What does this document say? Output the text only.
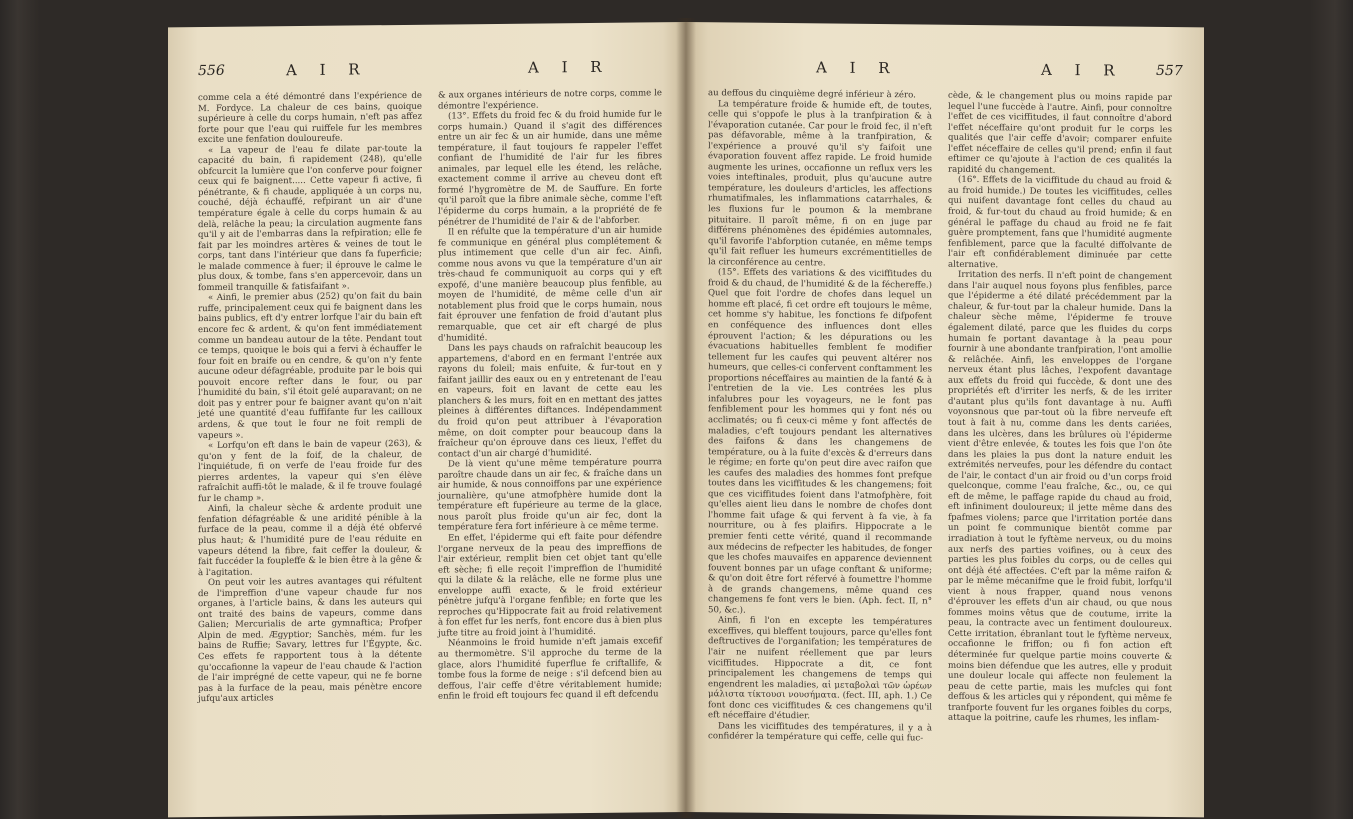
556	A I R	A I R

comme cela a été démontré dans l'expérience de M. Fordyce. La chaleur de ces bains, quoique supérieure à celle du corps humain, n'eft pas affez forte pour que l'eau qui ruiffele fur les membres excite une fenfation douloureufe.

« La vapeur de l'eau fe dilate par-toute la capacité du bain, fi rapidement (248), qu'elle obfcurcit la lumière que l'on conferve pour foigner ceux qui fe baignent..... Cette vapeur fi active, fi pénétrante, & fi chaude, appliquée à un corps nu, couché, déjà échauffé, refpirant un air d'une température égale à celle du corps humain & au delà, relâche la peau; la circulation augmente fans qu'il y ait de l'embarras dans la refpiration; elle fe fait par les moindres artères & veines de tout le corps, tant dans l'intérieur que dans fa fuperficie; le malade commence à fuer; il éprouve le calme le plus doux, & tombe, fans s'en appercevoir, dans un fommeil tranquille & fatisfaifant ».

« Ainfi, le premier abus (252) qu'on fait du bain ruffe, principalement ceux qui fe baignent dans les bains publics, eft d'y entrer lorfque l'air du bain eft encore fec & ardent, & qu'on fent immédiatement comme un bandeau autour de la tête. Pendant tout ce temps, quoique le bois qui a fervi à échauffer le four foit en braife ou en cendre, & qu'on n'y fente aucune odeur défagréable, produite par le bois qui pouvoit encore refter dans le four, ou par l'humidité du bain, s'il étoit gelé auparavant; on ne doit pas y entrer pour fe baigner avant qu'on n'ait jeté une quantité d'eau fuffifante fur les cailloux ardens, & que tout le four ne foit rempli de vapeurs ».

« Lorfqu'on eft dans le bain de vapeur (263), & qu'on y fent de la foif, de la chaleur, de l'inquiétude, fi on verfe de l'eau froide fur des pierres ardentes, la vapeur qui s'en élève rafraîchit auffi-tôt le malade, & il fe trouve foulagé fur le champ ».

Ainfi, la chaleur sèche & ardente produit une fenfation défagréable & une aridité pénible à la furface de la peau, comme il a déjà été obfervé plus haut; & l'humidité pure de l'eau réduite en vapeurs détend la fibre, fait ceffer la douleur, & fait fuccéder la foupleffe & le bien être à la gêne & à l'agitation.

On peut voir les autres avantages qui réfultent de l'impreffion d'une vapeur chaude fur nos organes, à l'article bains, & dans les auteurs qui ont traité des bains de vapeurs, comme dans Galien; Mercurialis de arte gymnaftica; Profper Alpin de med. Ægyptior; Sanchès, mém. fur les bains de Ruffie; Savary, lettres fur l'Égypte, &c. Ces effets fe rapportent tous à la détente qu'occafionne la vapeur de l'eau chaude & l'action de l'air imprégné de cette vapeur, qui ne fe borne pas à la furface de la peau, mais pénètre encore jufqu'aux articles

& aux organes intérieurs de notre corps, comme le démontre l'expérience.

(13°. Effets du froid fec & du froid humide fur le corps humain.) Quand il s'agit des différences entre un air fec & un air humide, dans une même température, il faut toujours fe rappeler l'effet confiant de l'humidité de l'air fur les fibres animales, par lequel elle les étend, les relâche, exactement comme il arrive au cheveu dont eft formé l'hygromètre de M. de Sauffure. En forte qu'il paroît que la fibre animale sèche, comme l'eft l'épiderme du corps humain, a la propriété de fe pénétrer de l'humidité de l'air & de l'abforber.

Il en réfulte que la température d'un air humide fe communique en général plus complétement & plus intimement que celle d'un air fec. Ainfi, comme nous avons vu que la température d'un air très-chaud fe communiquoit au corps qui y eft expofé, d'une manière beaucoup plus fenfible, au moyen de l'humidité, de même celle d'un air notablement plus froid que le corps humain, nous fait éprouver une fenfation de froid d'autant plus remarquable, que cet air eft chargé de plus d'humidité.

Dans les pays chauds on rafraîchit beaucoup les appartemens, d'abord en en fermant l'entrée aux rayons du foleil; mais enfuite, & fur-tout en y faifant jaillir des eaux ou en y entretenant de l'eau en vapeurs, foit en lavant de cette eau les planchers & les murs, foit en en mettant des jattes pleines à différentes diftances. Indépendamment du froid qu'on peut attribuer à l'évaporation même, on doit compter pour beaucoup dans la fraîcheur qu'on éprouve dans ces lieux, l'effet du contact d'un air chargé d'humidité.

De là vient qu'une même température pourra paroître chaude dans un air fec, & fraîche dans un air humide, & nous connoiffons par une expérience journalière, qu'une atmofphère humide dont la température eft fupérieure au terme de la glace, nous paroît plus froide qu'un air fec, dont la température fera fort inférieure à ce même terme.

En effet, l'épiderme qui eft faite pour défendre l'organe nerveux de la peau des impreffions de l'air extérieur, remplit bien cet objet tant qu'elle eft sèche; fi elle reçoit l'impreffion de l'humidité qui la dilate & la relâche, elle ne forme plus une enveloppe auffi exacte, & le froid extérieur pénètre jufqu'à l'organe fenfible; en forte que les reproches qu'Hippocrate fait au froid relativement à fon effet fur les nerfs, font encore dus à bien plus jufte titre au froid joint à l'humidité.

Néanmoins le froid humide n'eft jamais excefif au thermomètre. S'il approche du terme de la glace, alors l'humidité fuperflue fe criftallife, & tombe fous la forme de neige : s'il defcend bien au deffous, l'air ceffe d'être véritablement humide; enfin le froid eft toujours fec quand il eft defcendu

A I R	A I R 557

au deffous du cinquième degré inférieur à zéro.

La température froide & humide eft, de toutes, celle qui s'oppofe le plus à la tranfpiration & à l'évaporation cutanée. Car pour le froid fec, il n'eft pas défavorable, même à la tranfpiration, & l'expérience a prouvé qu'il s'y faifoit une évaporation fouvent affez rapide. Le froid humide augmente les urines, occafionne un reflux vers les voies inteftinales, produit, plus qu'aucune autre température, les douleurs d'articles, les affections rhumatifmales, les inflammations catarrhales, & les fluxions fur le poumon & la membrane pituitaire. Il paroît même, fi on en juge par différens phénomènes des épidémies automnales, qu'il favorife l'abforption cutanée, en même temps qu'il fait refluer les humeurs excrémentitielles de la circonférence au centre.

(15°. Effets des variations & des viciffitudes du froid & du chaud, de l'humidité & de la féchereffe.) Quel que foit l'ordre de chofes dans lequel un homme eft placé, fi cet ordre eft toujours le même, cet homme s'y habitue, les fonctions fe difpofent en conféquence des influences dont elles éprouvent l'action; & les dépurations ou les évacuations habituelles femblent fe modifier tellement fur les caufes qui peuvent altérer nos humeurs, que celles-ci confervent conftamment les proportions néceffaires au maintien de la fanté & à l'entretien de la vie. Les contrées les plus infalubres pour les voyageurs, ne le font pas fenfiblement pour les hommes qui y font nés ou acclimatés; ou fi ceux-ci même y font affectés de maladies, c'eft toujours pendant les alternatives des faifons & dans les changemens de température, ou à la fuite d'excès & d'erreurs dans le régime; en forte qu'on peut dire avec raifon que les caufes des maladies des hommes font prefque toutes dans les viciffitudes & les changemens; foit que ces viciffitudes foient dans l'atmofphère, foit qu'elles aient lieu dans le nombre de chofes dont l'homme fait ufage & qui fervent à fa vie, à fa nourriture, ou à fes plaifirs. Hippocrate a le premier fenti cette vérité, quand il recommande aux médecins de refpecter les habitudes, de fonger que les chofes mauvaifes en apparence deviennent fouvent bonnes par un ufage conftant & uniforme; & qu'on doit être fort réfervé à foumettre l'homme à de grands changemens, même quand ces changemens fe font vers le bien. (Aph. fect. II, n° 50, &c.).

Ainfi, fi l'on en excepte les températures exceffives, qui bleffent toujours, parce qu'elles font deftructives de l'organifation; les températures de l'air ne nuifent réellement que par leurs viciffitudes. Hippocrate a dit, ce font principalement les changemens de temps qui engendrent les maladies, αἱ μεταβολαὶ τῶν ὡρέων μάλιστα τίκτουσι νουσήματα. (fect. III, aph. 1.) Ce font donc ces viciffitudes & ces changemens qu'il eft néceffaire d'étudier.

Dans les viciffitudes des températures, il y a à confidérer la température qui ceffe, celle qui fuc-

cède, & le changement plus ou moins rapide par lequel l'une fuccède à l'autre. Ainfi, pour connoître l'effet de ces viciffitudes, il faut connoître d'abord l'effet néceffaire qu'ont produit fur le corps les qualités que l'air ceffe d'avoir; comparer enfuite l'effet néceffaire de celles qu'il prend; enfin il faut eftimer ce qu'ajoute à l'action de ces qualités la rapidité du changement.

(16°. Effets de la viciffitude du chaud au froid & au froid humide.) De toutes les viciffitudes, celles qui nuifent davantage font celles du chaud au froid, & fur-tout du chaud au froid humide; & en général le paffage du chaud au froid ne fe fait guère promptement, fans que l'humidité augmente fenfiblement, parce que la faculté diffolvante de l'air eft confidérablement diminuée par cette alternative.

Irritation des nerfs. Il n'eft point de changement dans l'air auquel nous foyons plus fenfibles, parce que l'épiderme a été dilaté précédemment par la chaleur, & fur-tout par la chaleur humide. Dans la chaleur sèche même, l'épiderme fe trouve également dilaté, parce que les fluides du corps humain fe portant davantage à la peau pour fournir à une abondante tranfpiration, l'ont amollie & relâchée. Ainfi, les enveloppes de l'organe nerveux étant plus lâches, l'expofent davantage aux effets du froid qui fuccède, & dont une des propriétés eft d'irriter les nerfs, & de les irriter d'autant plus qu'ils font davantage à nu. Auffi voyonsnous que par-tout où la fibre nerveufe eft tout à fait à nu, comme dans les dents cariées, dans les ulcères, dans les brûlures où l'épiderme vient d'être enlevée, & toutes les fois que l'on ôte dans les plaies la pus dont la nature enduit les extrémités nerveufes, pour les défendre du contact de l'air, le contact d'un air froid ou d'un corps froid quelconque, comme l'eau fraîche, &c., ou, ce qui eft de même, le paffage rapide du chaud au froid, eft infiniment douloureux; il jette même dans des fpafmes violens; parce que l'irritation portée dans un point fe communique bientôt comme par irradiation à tout le fyftème nerveux, ou du moins aux nerfs des parties voifines, ou à ceux des parties les plus foibles du corps, ou de celles qui ont déjà été affectées. C'eft par la même raifon & par le même mécanifme que le froid fubit, lorfqu'il vient à nous frapper, quand nous venons d'éprouver les effets d'un air chaud, ou que nous fommes moins vêtus que de coutume, irrite la peau, la contracte avec un fentiment douloureux. Cette irritation, ébranlant tout le fyftème nerveux, occafionne le friffon; ou fi fon action eft déterminée fur quelque partie moins couverte & moins bien défendue que les autres, elle y produit une douleur locale qui affecte non feulement la peau de cette partie, mais les mufcles qui font deffous & les articles qui y répondent, qui même fe tranfporte fouvent fur les organes foibles du corps, attaque la poitrine, caufe les rhumes, les inflam-
